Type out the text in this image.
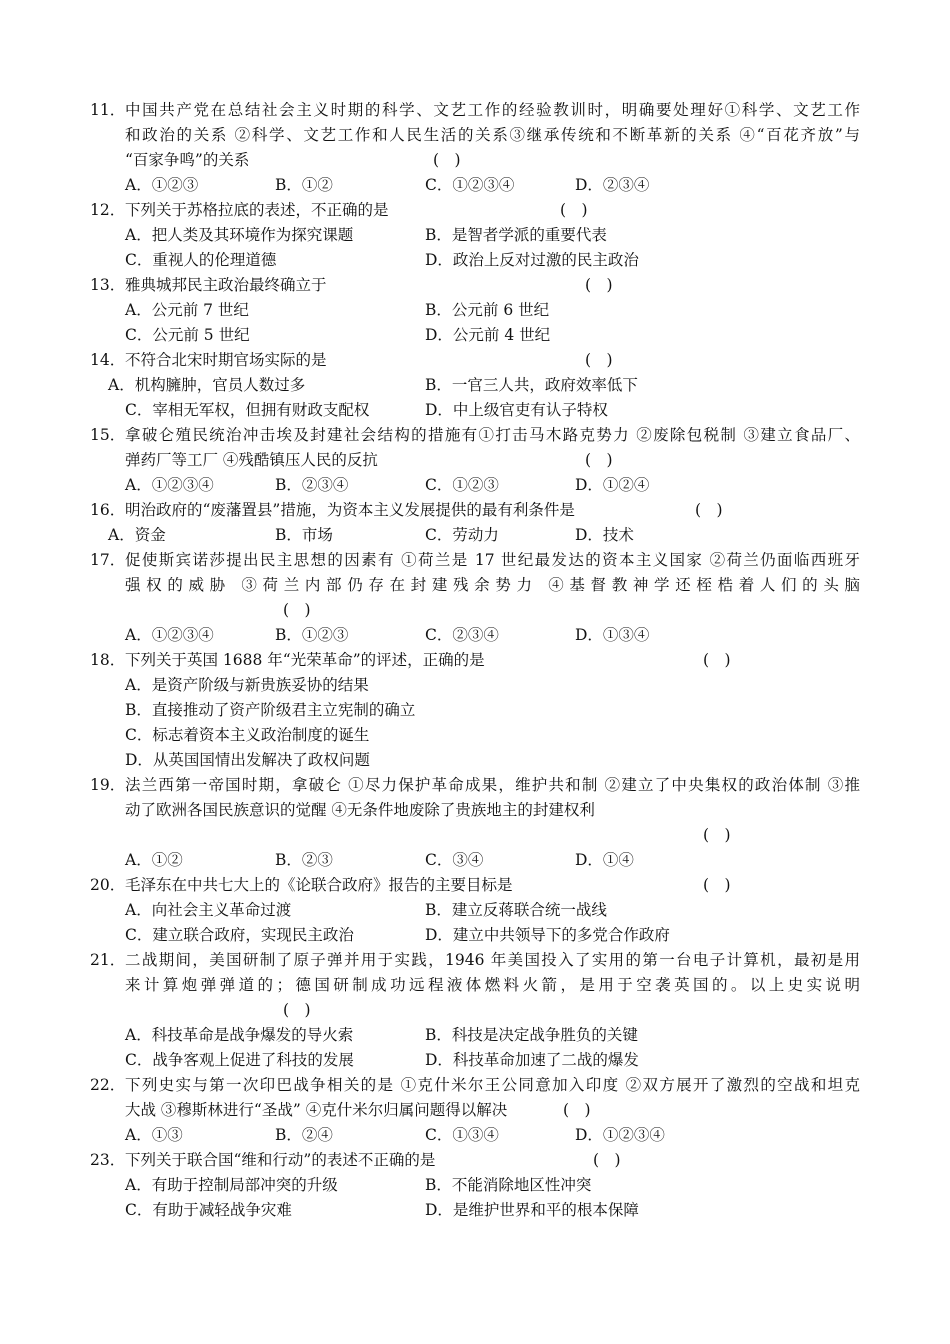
11． 中国共产党在总结社会主义时期的科学、文艺工作的经验教训时，明确要处理好①科学、文艺工作
和政治的关系 ②科学、文艺工作和人民生活的关系③继承传统和不断革新的关系 ④“百花齐放”与
“百家争鸣”的关系	(　)
A．①②③	B．①②	C．①②③④	D．②③④
12． 下列关于苏格拉底的表述，不正确的是	(　)
A．把人类及其环境作为探究课题	B．是智者学派的重要代表
C．重视人的伦理道德	D．政治上反对过激的民主政治
13． 雅典城邦民主政治最终确立于	(　)
A．公元前 7 世纪	B．公元前 6 世纪
C．公元前 5 世纪	D．公元前 4 世纪
14． 不符合北宋时期官场实际的是	(　)
A．机构臃肿，官员人数过多	B．一官三人共，政府效率低下
C．宰相无军权，但拥有财政支配权	D．中上级官吏有认子特权
15． 拿破仑殖民统治冲击埃及封建社会结构的措施有①打击马木路克势力 ②废除包税制 ③建立食品厂、
弹药厂等工厂 ④残酷镇压人民的反抗	(　)
A．①②③④	B．②③④	C．①②③	D．①②④
16． 明治政府的“废藩置县”措施，为资本主义发展提供的最有利条件是	(　)
A．资金	B．市场	C．劳动力	D．技术
17． 促使斯宾诺莎提出民主思想的因素有 ①荷兰是 17 世纪最发达的资本主义国家 ②荷兰仍面临西班牙
强权的威胁 ③荷兰内部仍存在封建残余势力 ④基督教神学还桎梏着人们的头脑
(　)
A．①②③④	B．①②③	C．②③④	D．①③④
18． 下列关于英国 1688 年“光荣革命”的评述，正确的是	(　)
A．是资产阶级与新贵族妥协的结果
B．直接推动了资产阶级君主立宪制的确立
C．标志着资本主义政治制度的诞生
D．从英国国情出发解决了政权问题
19． 法兰西第一帝国时期，拿破仑 ①尽力保护革命成果，维护共和制 ②建立了中央集权的政治体制 ③推
动了欧洲各国民族意识的觉醒 ④无条件地废除了贵族地主的封建权利
(　)
A．①②	B．②③	C．③④	D．①④
20． 毛泽东在中共七大上的《论联合政府》报告的主要目标是	(　)
A．向社会主义革命过渡	B．建立反蒋联合统一战线
C．建立联合政府，实现民主政治	D．建立中共领导下的多党合作政府
21． 二战期间，美国研制了原子弹并用于实践，1946 年美国投入了实用的第一台电子计算机，最初是用
来计算炮弹弹道的；德国研制成功远程液体燃料火箭，是用于空袭英国的。以上史实说明
(　)
A．科技革命是战争爆发的导火索	B．科技是决定战争胜负的关键
C．战争客观上促进了科技的发展	D．科技革命加速了二战的爆发
22． 下列史实与第一次印巴战争相关的是 ①克什米尔王公同意加入印度 ②双方展开了激烈的空战和坦克
大战 ③穆斯林进行“圣战” ④克什米尔归属问题得以解决	(　)
A．①③	B．②④	C．①③④	D．①②③④
23． 下列关于联合国“维和行动”的表述不正确的是	(　)
A．有助于控制局部冲突的升级	B．不能消除地区性冲突
C．有助于减轻战争灾难	D．是维护世界和平的根本保障
